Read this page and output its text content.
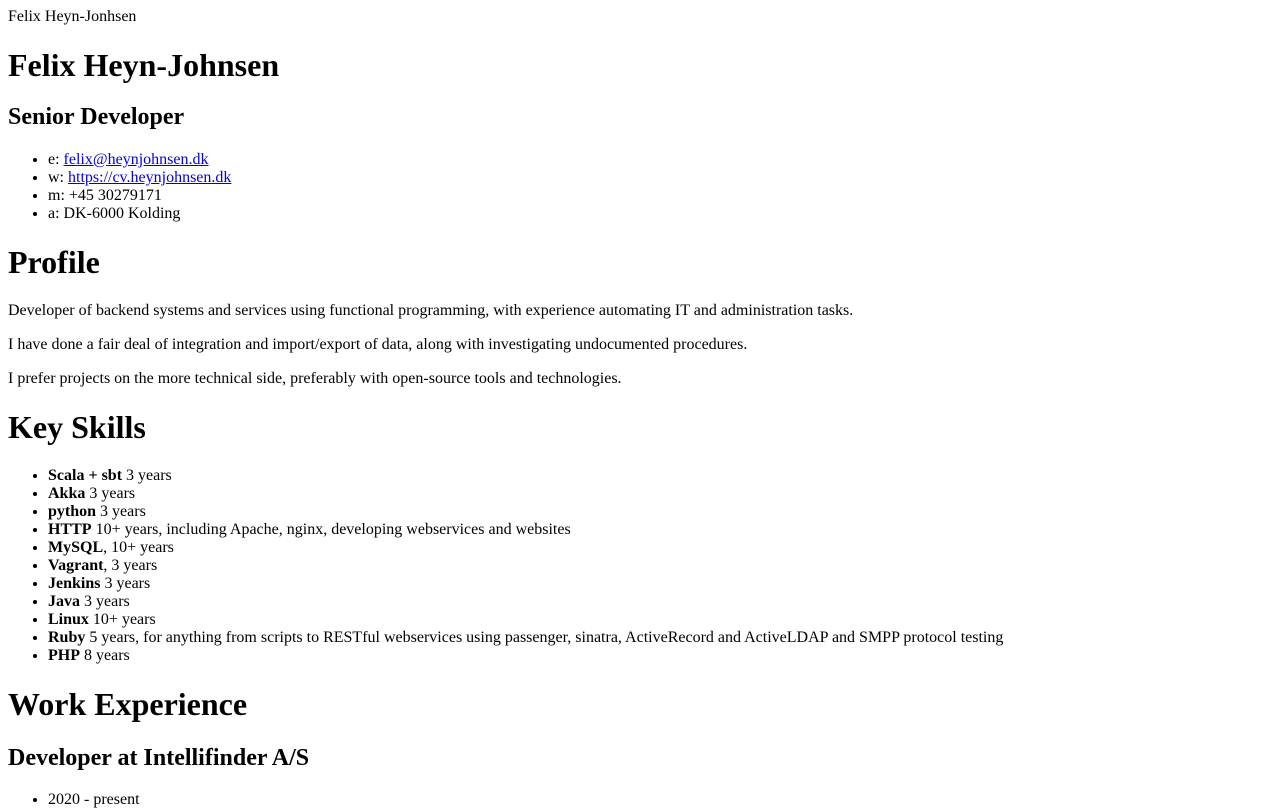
Felix Heyn-Jonhsen
Felix Heyn-Johnsen
Senior Developer
• e: felix@heynjohnsen.dk
• w: https://cv.heynjohnsen.dk
• m: +45 30279171
• a: DK-6000 Kolding
Profile

Developer of backend systems and services using functional programming, with experience automating IT and administration tasks.

I have done a fair deal of integration and import/export of data, along with investigating undocumented procedures.

I prefer projects on the more technical side, preferably with open-source tools and technologies.

Key Skills
• Scala + sbt 3 years
• Akka 3 years
• python 3 years
• HTTP 10+ years, including Apache, nginx, developing webservices and websites
• MySQL, 10+ years
• Vagrant, 3 years
• Jenkins 3 years
• Java 3 years
• Linux 10+ years
• Ruby 5 years, for anything from scripts to RESTful webservices using passenger, sinatra, ActiveRecord and ActiveLDAP and SMPP protocol testing
• PHP 8 years
Work Experience
Developer at Intellifinder A/S
• 2020 - present
